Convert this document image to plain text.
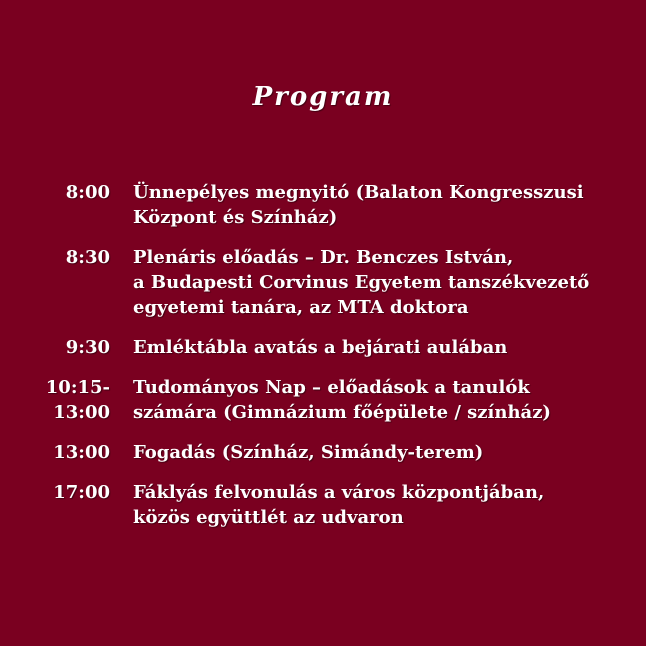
Program
8:00 Ünnepélyes megnyitó (Balaton Kongresszusi
Központ és Színház)
8:30 Plenáris előadás – Dr. Benczes István,
a Budapesti Corvinus Egyetem tanszékvezető
egyetemi tanára, az MTA doktora
9:30 Emléktábla avatás a bejárati aulában
10:15-
13:00
Tudományos Nap – előadások a tanulók
számára (Gimnázium főépülete / színház)
13:00 Fogadás (Színház, Simándy-terem)
17:00 Fáklyás felvonulás a város központjában,
közös együttlét az udvaron
